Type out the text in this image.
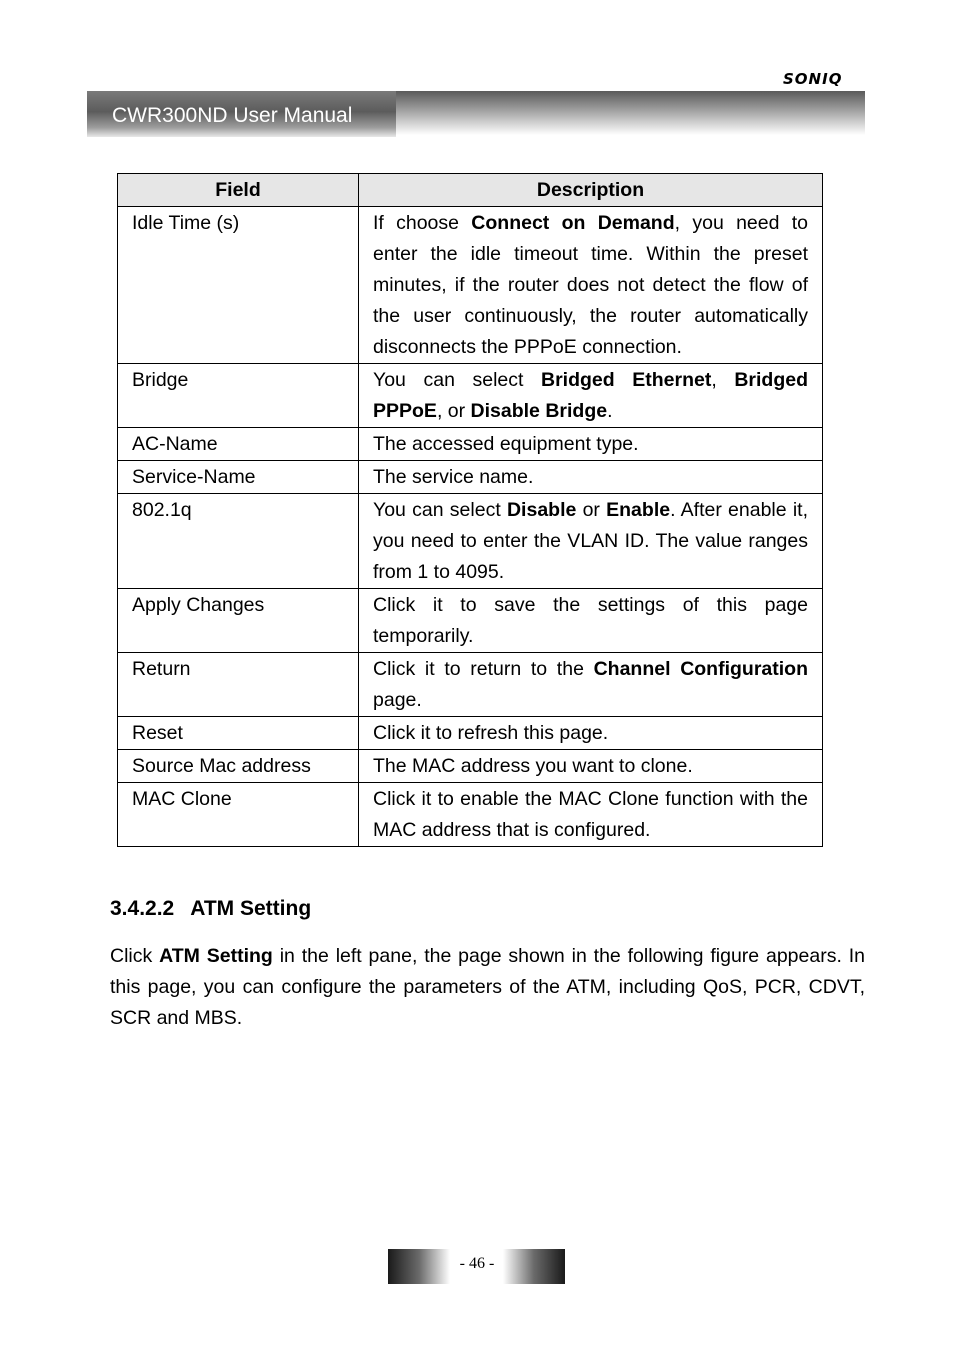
SONIQ
CWR300ND User Manual
Field	Description
Idle Time (s)	If choose Connect on Demand, you need to enter the idle timeout time. Within the preset minutes, if the router does not detect the flow of the user continuously, the router automatically disconnects the PPPoE connection.
Bridge	You can select Bridged Ethernet, Bridged PPPoE, or Disable Bridge.
AC-Name	The accessed equipment type.
Service-Name	The service name.
802.1q	You can select Disable or Enable. After enable it, you need to enter the VLAN ID. The value ranges from 1 to 4095.
Apply Changes	Click it to save the settings of this page temporarily.
Return	Click it to return to the Channel Configuration page.
Reset	Click it to refresh this page.
Source Mac address	The MAC address you want to clone.
MAC Clone	Click it to enable the MAC Clone function with the MAC address that is configured.
3.4.2.2 ATM Setting

Click ATM Setting in the left pane, the page shown in the following figure appears. In this page, you can configure the parameters of the ATM, including QoS, PCR, CDVT, SCR and MBS.

- 46 -
